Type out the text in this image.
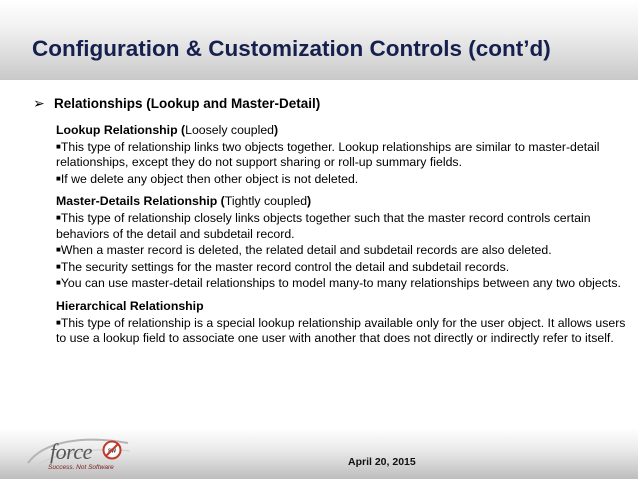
Configuration & Customization Controls (cont’d)
➢ Relationships (Lookup and Master-Detail)

Lookup Relationship (Loosely coupled)

■This type of relationship links two objects together. Lookup relationships are similar to master-detail relationships, except they do not support sharing or roll-up summary fields.

■If we delete any object then other object is not deleted.

Master-Details Relationship (Tightly coupled)

■This type of relationship closely links objects together such that the master record controls certain behaviors of the detail and subdetail record.

■When a master record is deleted, the related detail and subdetail records are also deleted.

■The security settings for the master record control the detail and subdetail records.

■You can use master-detail relationships to model many-to many relationships between any two objects.

Hierarchical Relationship

■This type of relationship is a special lookup relationship available only for the user object. It allows users to use a lookup field to associate one user with another that does not directly or indirectly refer to itself.

force
Success. Not Software
SW
April 20, 2015
